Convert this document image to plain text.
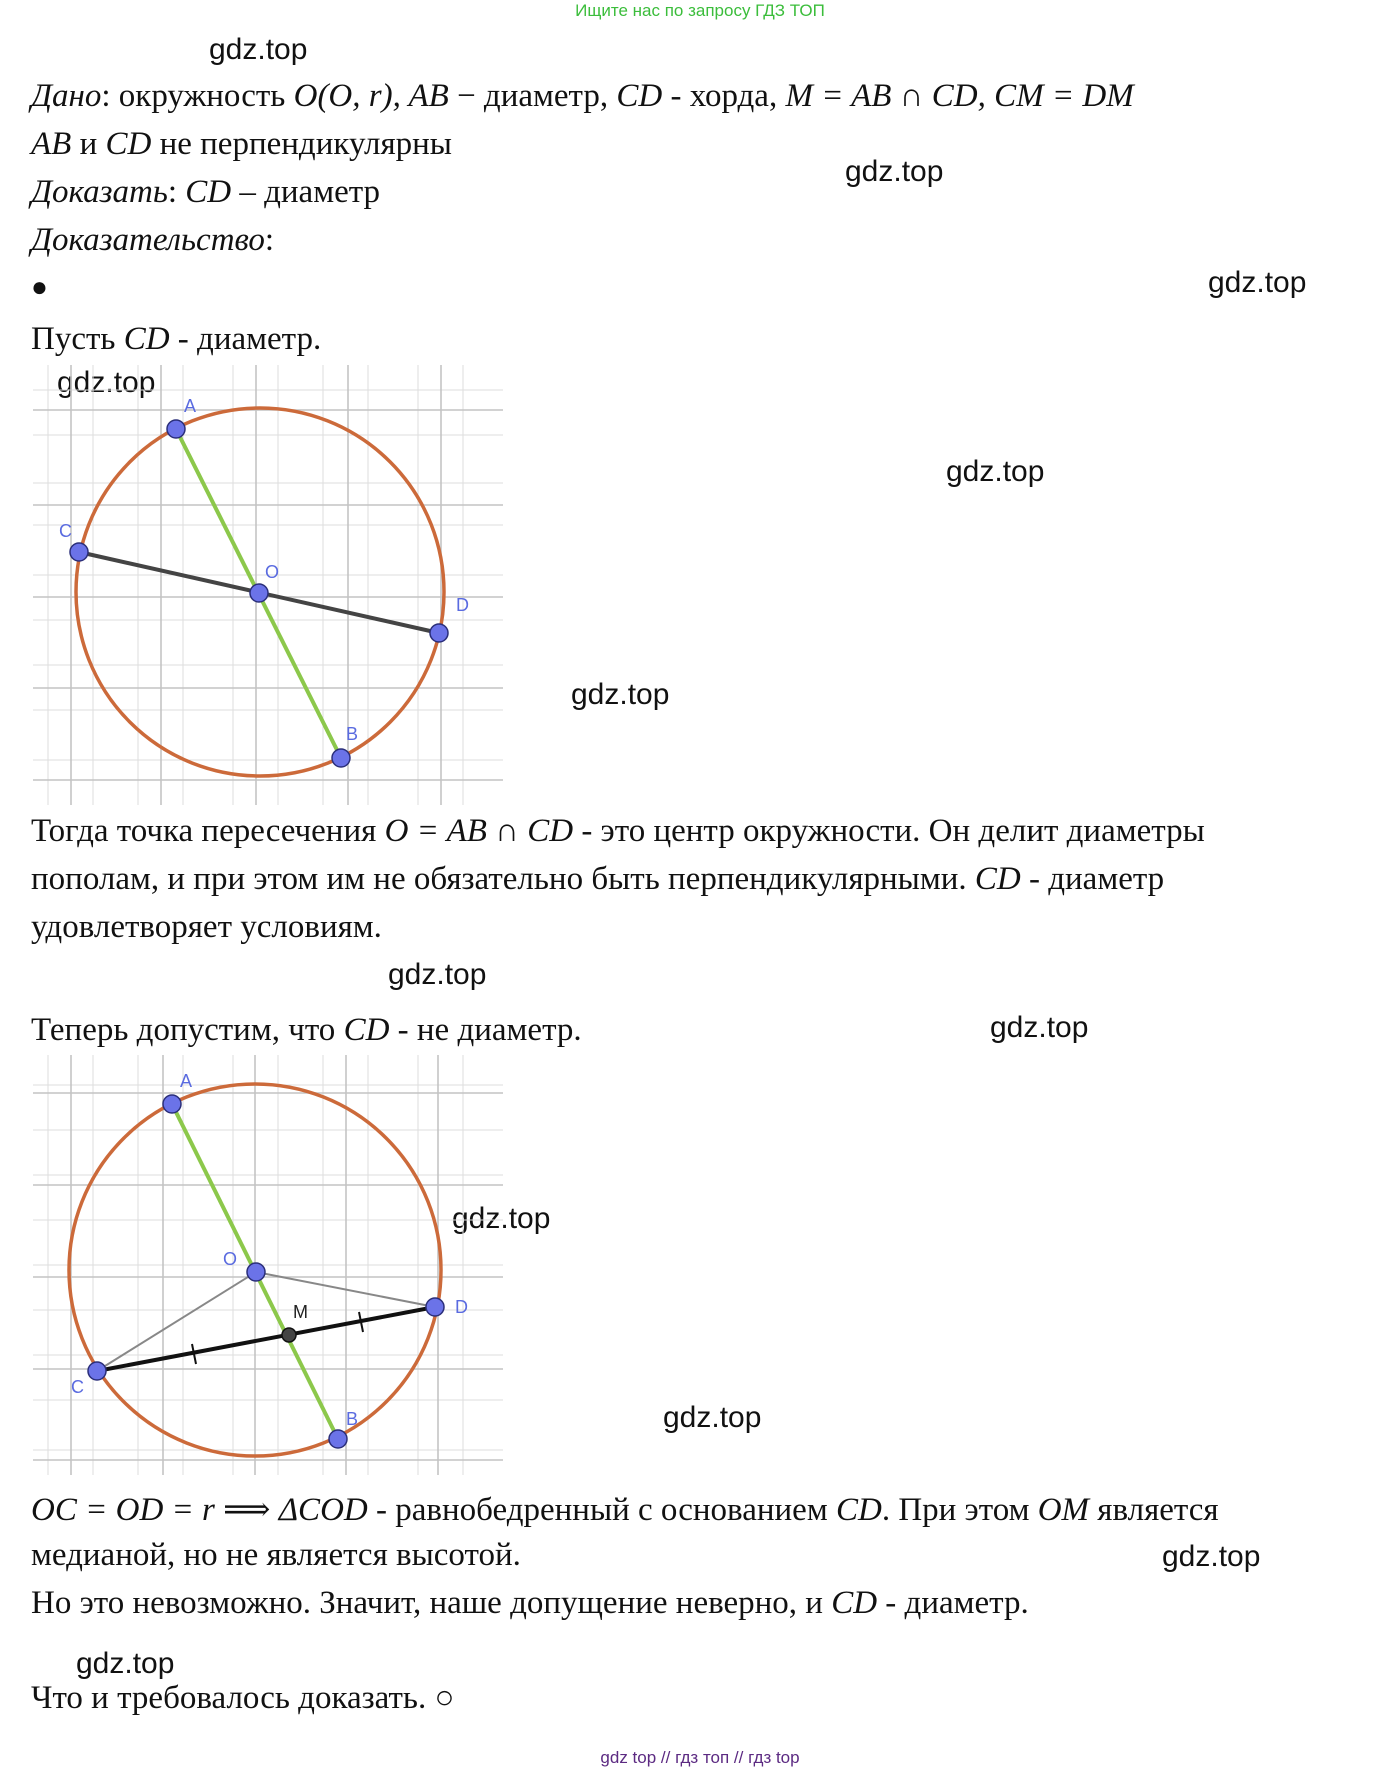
Ищите нас по запросу ГДЗ ТОП
gdz.top
gdz.top
gdz.top
gdz.top
gdz.top
gdz.top
gdz.top
gdz.top
gdz.top
gdz.top
gdz.top
gdz.top
Дано: окружность O(O, r), AB − диаметр, CD - хорда, M = AB ∩ CD, CM = DM
AB и CD не перпендикулярны
Доказать: CD – диаметр
Доказательство:
●
Пусть CD - диаметр.
A
B
C
D
O
Тогда точка пересечения O = AB ∩ CD - это центр окружности. Он делит диаметры
пополам, и при этом им не обязательно быть перпендикулярными. CD - диаметр
удовлетворяет условиям.
Теперь допустим, что CD - не диаметр.
A
B
C
D
O
M
OC = OD = r ⟹ ΔCOD - равнобедренный с основанием CD. При этом OM является
медианой, но не является высотой.
Но это невозможно. Значит, наше допущение неверно, и CD - диаметр.
Что и требовалось доказать. ○
gdz top // гдз топ // гдз top
